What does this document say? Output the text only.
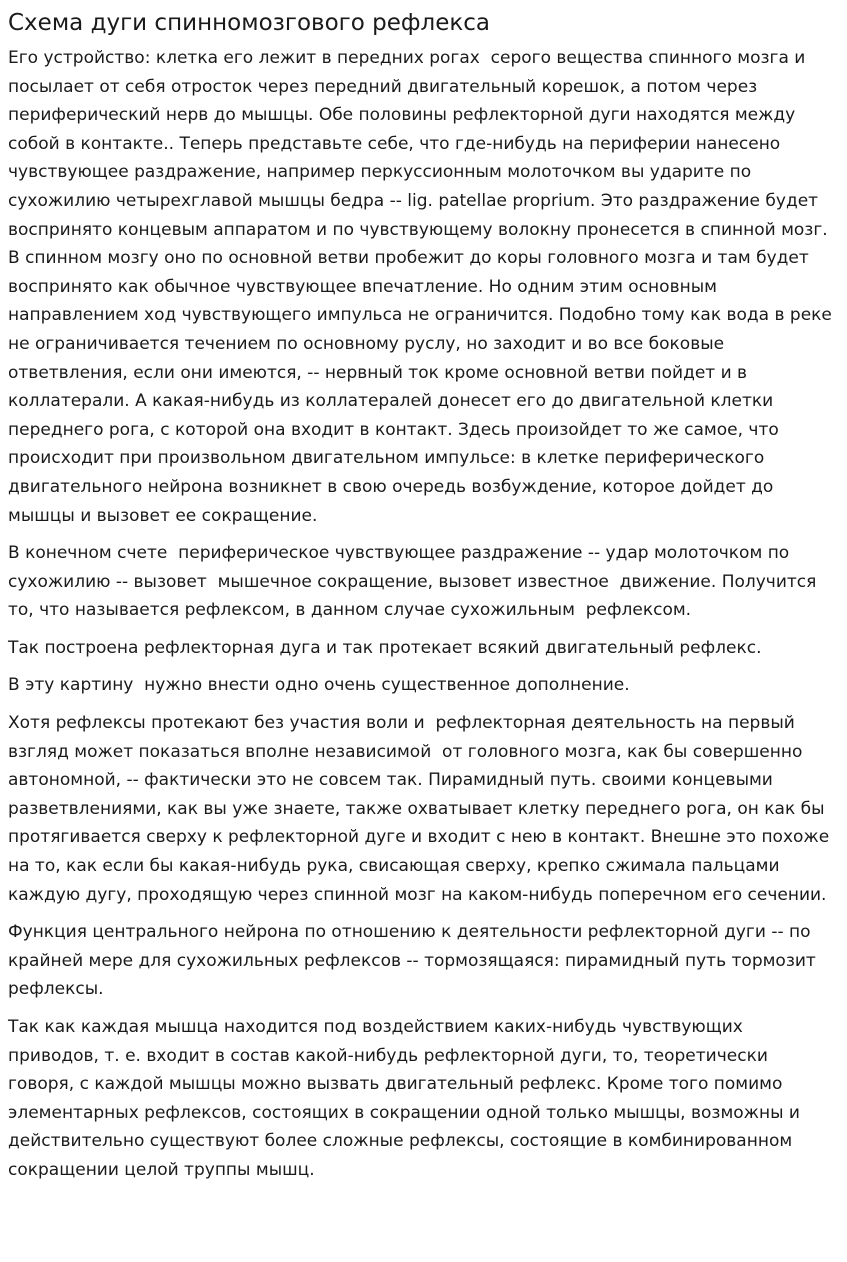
Схема дуги спинномозгового рефлекса

Его устройство: клетка его лежит в передних рогах  серого вещества спинного мозга и  посылает от себя отросток через передний двигательный корешок, а потом через  периферический нерв до мышцы. Обе половины рефлекторной дуги находятся между  собой в контакте.. Теперь представьте себе, что где-нибудь на периферии нанесено чувствующее раздражение, например перкуссионным молоточком вы ударите по сухожилию четырехглавой мышцы бедра -- lig. patellae proprium. Это раздражение будет воспринято концевым аппаратом и по чувствующему волокну пронесется в спинной мозг. В спинном мозгу оно по основной ветви пробежит до коры головного мозга и там будет воспринято как обычное чувствующее впечатление. Но одним этим основным направлением ход чувствующего импульса не ограничится. Подобно тому как вода в реке не ограничивается течением по основному руслу, но заходит и во все боковые ответвления, если они имеются, -- нервный ток кроме основной ветви пойдет и в коллатерали. А какая-нибудь из коллатералей донесет его до двигательной клетки переднего рога, с которой она входит в контакт. Здесь произойдет то же самое, что происходит при произвольном двигательном импульсе: в клетке периферического двигательного нейрона возникнет в свою очередь возбуждение, которое дойдет до мышцы и вызовет ее сокращение.

В конечном счете  периферическое чувствующее раздражение -- удар молоточком по сухожилию -- вызовет  мышечное сокращение, вызовет известное  движение. Получится то, что называется рефлексом, в данном случае сухожильным  рефлексом.

Так построена рефлекторная дуга и так протекает всякий двигательный рефлекс.

В эту картину  нужно внести одно очень существенное дополнение.

Хотя рефлексы протекают без участия воли и  рефлекторная деятельность на первый взгляд может показаться вполне независимой  от головного мозга, как бы совершенно автономной, -- фактически это не совсем так. Пирамидный путь. своими концевыми разветвлениями, как вы уже знаете, также охватывает клетку переднего рога, он как бы протягивается сверху к рефлекторной дуге и входит с нею в контакт. Внешне это похоже на то, как если бы какая-нибудь рука, свисающая сверху, крепко сжимала пальцами каждую дугу, проходящую через спинной мозг на каком-нибудь поперечном его сечении.

Функция центрального нейрона по отношению к деятельности рефлекторной дуги -- по крайней мере для сухожильных рефлексов -- тормозящаяся: пирамидный путь тормозит рефлексы.

Так как каждая мышца находится под воздействием каких-нибудь чувствующих приводов, т. е. входит в состав какой-нибудь рефлекторной дуги, то, теоретически говоря, с каждой мышцы можно вызвать двигательный рефлекс. Кроме того помимо элементарных рефлексов, состоящих в сокращении одной только мышцы, возможны и действительно существуют более сложные рефлексы, состоящие в комбинированном сокращении целой труппы мышц.
